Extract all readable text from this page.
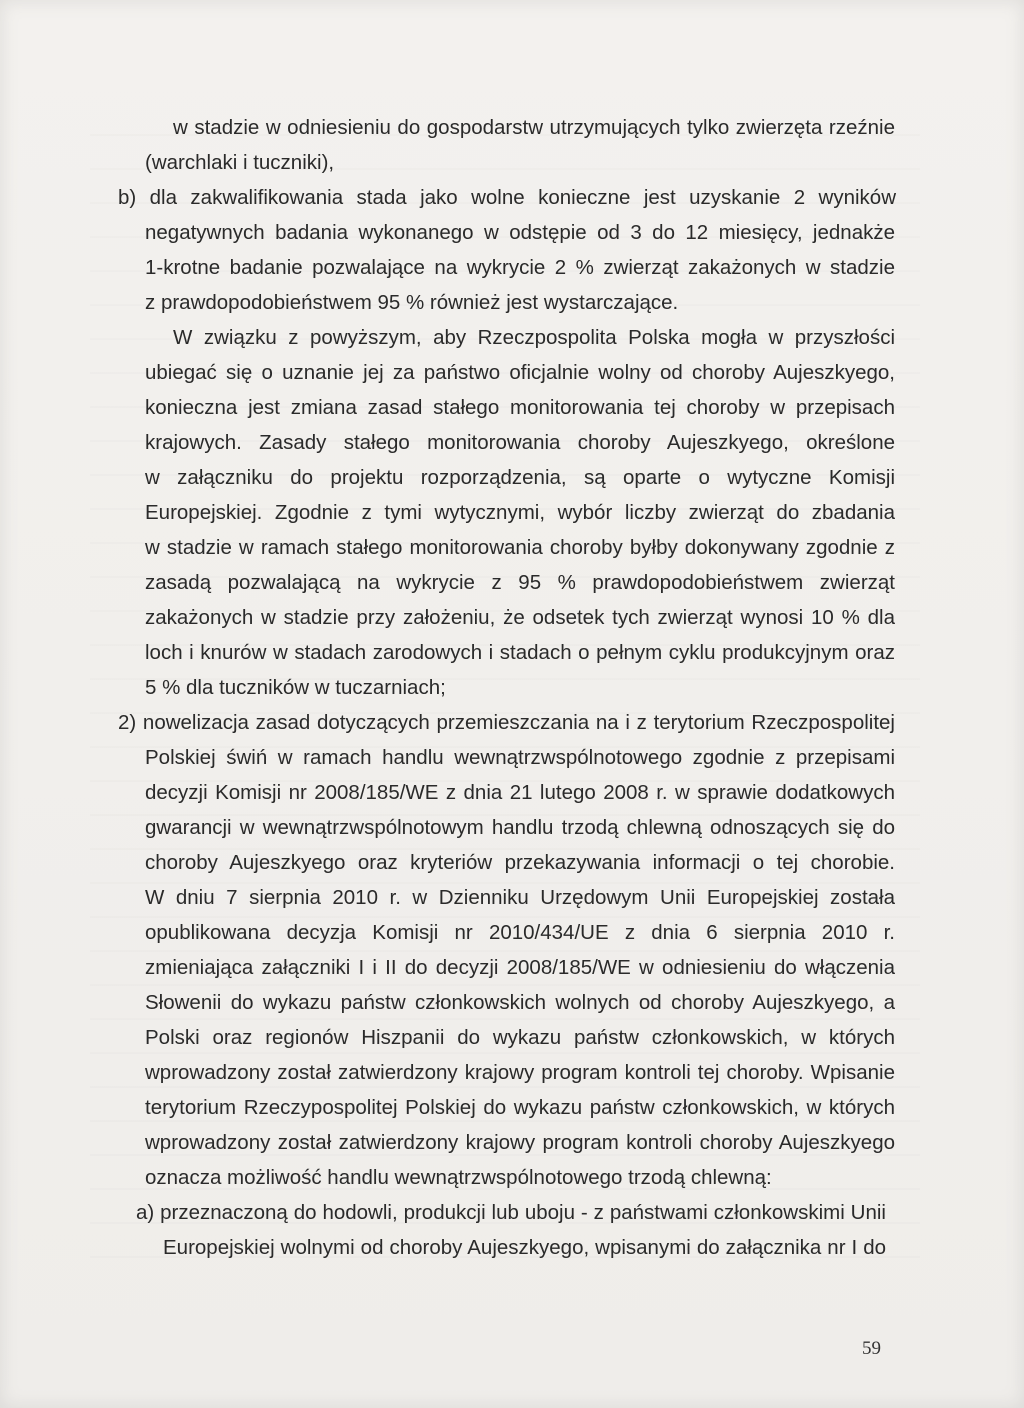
w stadzie w odniesieniu do gospodarstw utrzymujących tylko zwierzęta rzeźnie
(warchlaki i tuczniki),
b) dla zakwalifikowania stada jako wolne konieczne jest uzyskanie 2 wyników
negatywnych badania wykonanego w odstępie od 3 do 12 miesięcy, jednakże
1-krotne badanie pozwalające na wykrycie 2 % zwierząt zakażonych w stadzie
z prawdopodobieństwem 95 % również jest wystarczające.
W związku z powyższym, aby Rzeczpospolita Polska mogła w przyszłości
ubiegać się o uznanie jej za państwo oficjalnie wolny od choroby Aujeszkyego,
konieczna jest zmiana zasad stałego monitorowania tej choroby w przepisach
krajowych. Zasady stałego monitorowania choroby Aujeszkyego, określone
w załączniku do projektu rozporządzenia, są oparte o wytyczne Komisji
Europejskiej. Zgodnie z tymi wytycznymi, wybór liczby zwierząt do zbadania
w stadzie w ramach stałego monitorowania choroby byłby dokonywany zgodnie z
zasadą pozwalającą na wykrycie z 95 % prawdopodobieństwem zwierząt
zakażonych w stadzie przy założeniu, że odsetek tych zwierząt wynosi 10 % dla
loch i knurów w stadach zarodowych i stadach o pełnym cyklu produkcyjnym oraz
5 % dla tuczników w tuczarniach;
2) nowelizacja zasad dotyczących przemieszczania na i z terytorium Rzeczpospolitej
Polskiej świń w ramach handlu wewnątrzwspólnotowego zgodnie z przepisami
decyzji Komisji nr 2008/185/WE z dnia 21 lutego 2008 r. w sprawie dodatkowych
gwarancji w wewnątrzwspólnotowym handlu trzodą chlewną odnoszących się do
choroby Aujeszkyego oraz kryteriów przekazywania informacji o tej chorobie.
W dniu 7 sierpnia 2010 r. w Dzienniku Urzędowym Unii Europejskiej została
opublikowana decyzja Komisji nr 2010/434/UE z dnia 6 sierpnia 2010 r.
zmieniająca załączniki I i II do decyzji 2008/185/WE w odniesieniu do włączenia
Słowenii do wykazu państw członkowskich wolnych od choroby Aujeszkyego, a
Polski oraz regionów Hiszpanii do wykazu państw członkowskich, w których
wprowadzony został zatwierdzony krajowy program kontroli tej choroby. Wpisanie
terytorium Rzeczypospolitej Polskiej do wykazu państw członkowskich, w których
wprowadzony został zatwierdzony krajowy program kontroli choroby Aujeszkyego
oznacza możliwość handlu wewnątrzwspólnotowego trzodą chlewną:
a) przeznaczoną do hodowli, produkcji lub uboju - z państwami członkowskimi Unii
Europejskiej wolnymi od choroby Aujeszkyego, wpisanymi do załącznika nr I do
59
